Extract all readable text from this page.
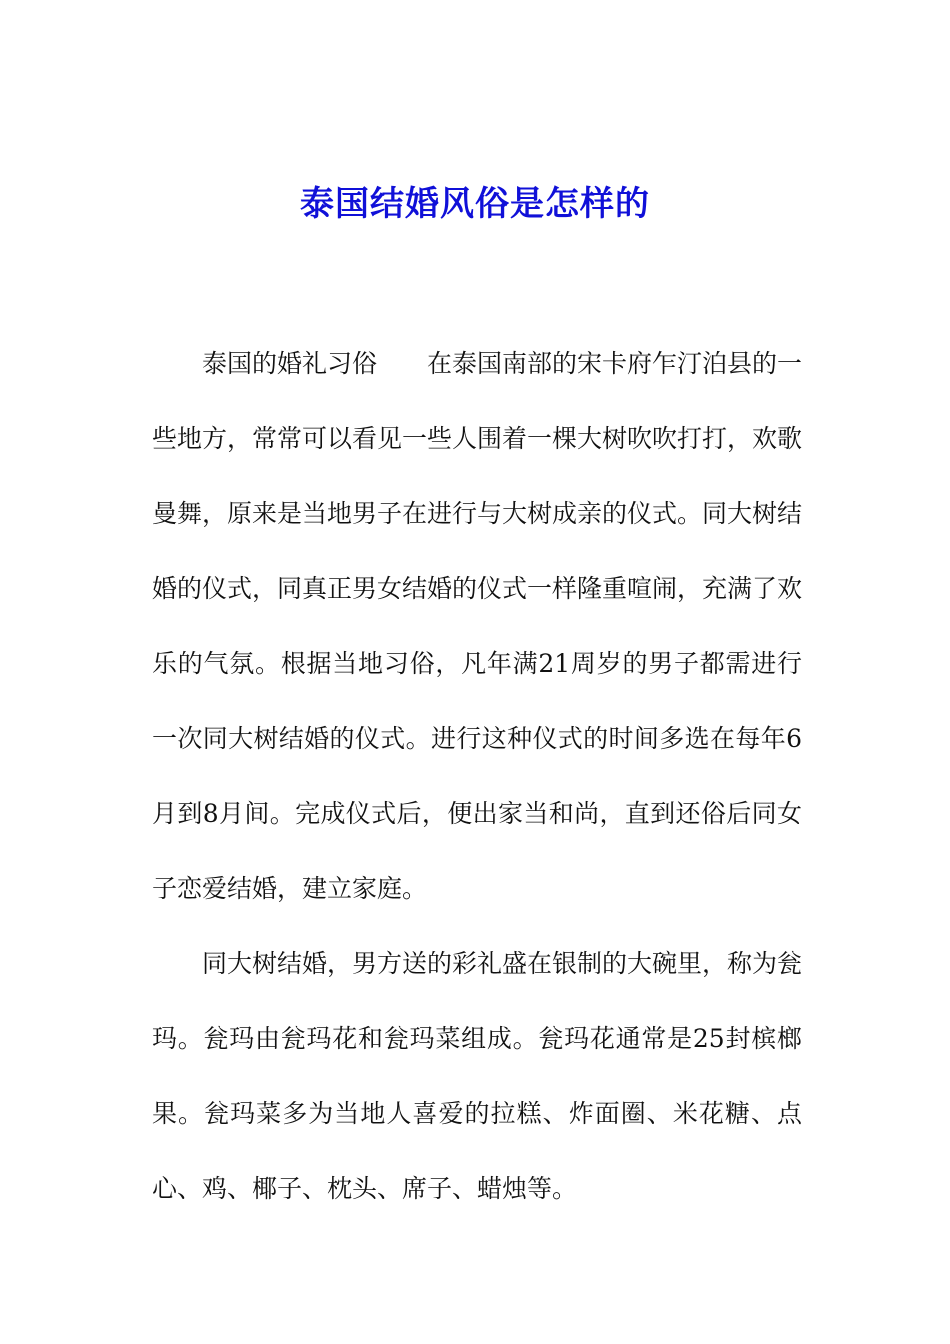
泰国结婚风俗是怎样的

泰国的婚礼习俗　　在泰国南部的宋卡府乍汀泊县的一些地方，常常可以看见一些人围着一棵大树吹吹打打，欢歌曼舞，原来是当地男子在进行与大树成亲的仪式。同大树结婚的仪式，同真正男女结婚的仪式一样隆重喧闹，充满了欢乐的气氛。根据当地习俗，凡年满21周岁的男子都需进行一次同大树结婚的仪式。进行这种仪式的时间多选在每年6月到8月间。完成仪式后，便出家当和尚，直到还俗后同女子恋爱结婚，建立家庭。

同大树结婚，男方送的彩礼盛在银制的大碗里，称为瓮玛。瓮玛由瓮玛花和瓮玛菜组成。瓮玛花通常是25封槟榔果。瓮玛菜多为当地人喜爱的拉糕、炸面圈、米花糖、点心、鸡、椰子、枕头、席子、蜡烛等。
